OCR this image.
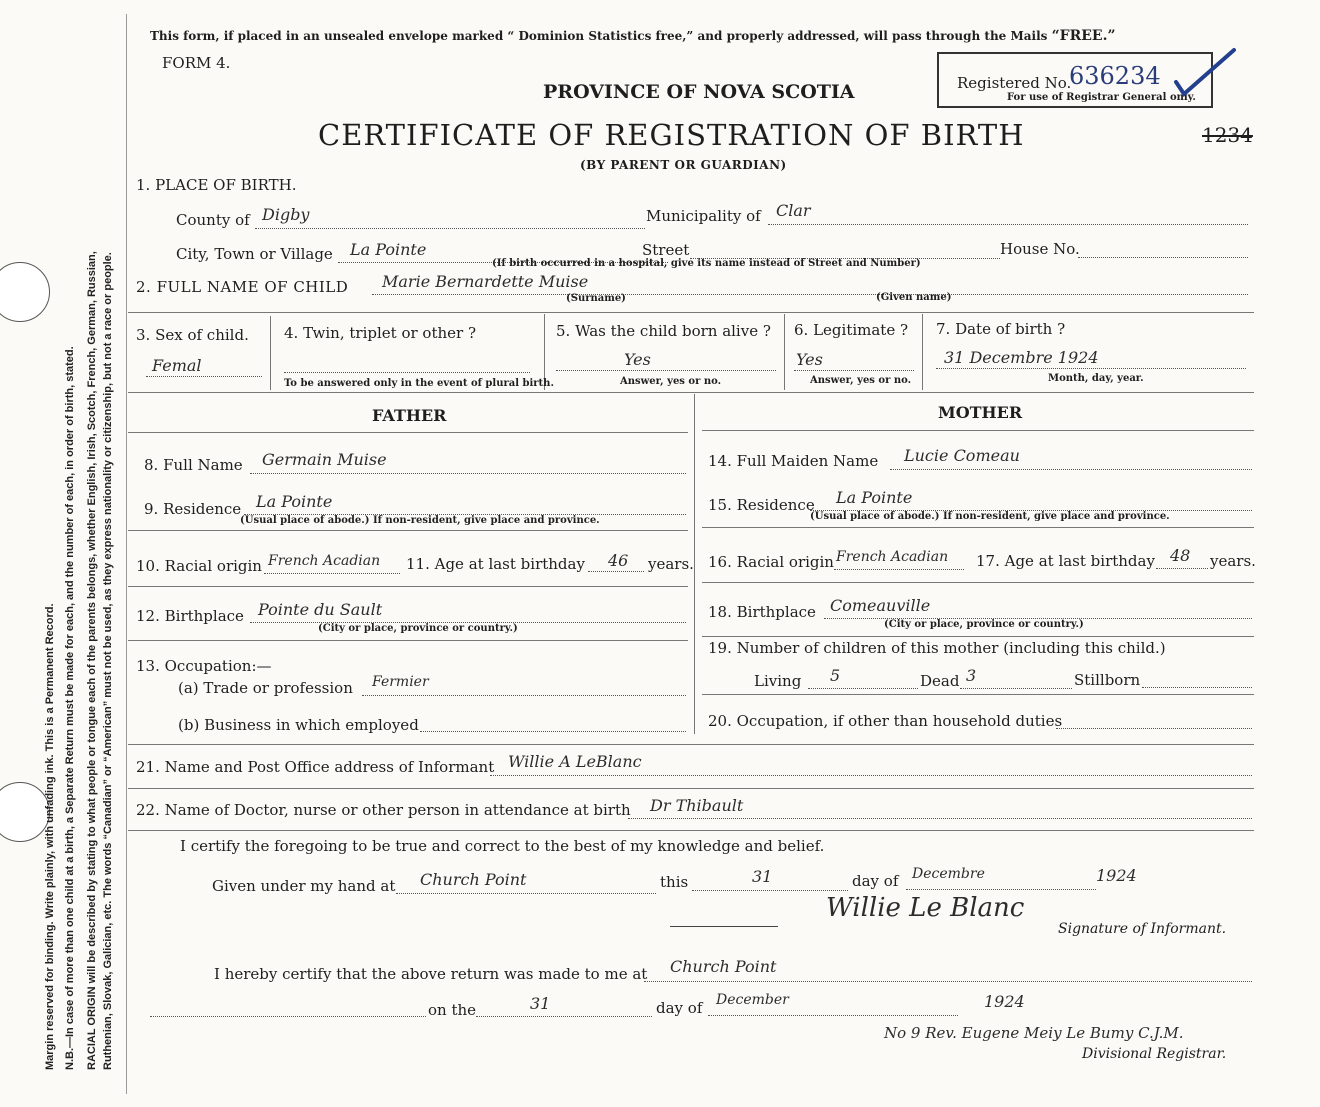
Margin reserved for binding. Write plainly, with unfading ink. This is a Permanent Record. N.B.—In case of more than one child at a birth, a Separate Return must be made for each, and the number of each, in order of birth, stated. RACIAL ORIGIN will be described by stating to what people or tongue each of the parents belongs, whether English, Irish, Scotch, French, German, Russian, Ruthenian, Slovak, Galician, etc. The words “Canadian” or “American” must not be used, as they express nationality or citizenship, but not a race or people.
This form, if placed in an unsealed envelope marked “ Dominion Statistics free,” and properly addressed, will pass through the Mails “FREE.”
FORM 4.
PROVINCE OF NOVA SCOTIA
CERTIFICATE OF REGISTRATION OF BIRTH
(BY PARENT OR GUARDIAN)
Registered No.
636234
For use of Registrar General only.
1234
1. PLACE OF BIRTH.
County of Digby	Municipality of Clar
City, Town or Village La Pointe	Street	House No.
(If birth occurred in a hospital, give its name instead of Street and Number)
2. FULL NAME OF CHILD Marie Bernardette Muise
(Surname)	(Given name)
3. Sex of child.
Femal
4. Twin, triplet or other ?
To be answered only in the event of plural birth.
5. Was the child born alive ?
Yes
Answer, yes or no.
6. Legitimate ?
Yes
Answer, yes or no.
7. Date of birth ?
31 Decembre 1924
Month, day, year.
FATHER	MOTHER
8. Full Name Germain Muise
9. Residence La Pointe
(Usual place of abode.) If non-resident, give place and province.
10. Racial origin French Acadian 11. Age at last birthday 46 years.
12. Birthplace Pointe du Sault
(City or place, province or country.)
13. Occupation:—
(a) Trade or profession Fermier
(b) Business in which employed
14. Full Maiden Name Lucie Comeau
15. Residence La Pointe
(Usual place of abode.) If non-resident, give place and province.
16. Racial origin French Acadian 17. Age at last birthday 48 years.
18. Birthplace Comeauville
(City or place, province or country.)
19. Number of children of this mother (including this child.)
Living 5	Dead 3	Stillborn
20. Occupation, if other than household duties
21. Name and Post Office address of Informant Willie A LeBlanc
22. Name of Doctor, nurse or other person in attendance at birth Dr Thibault
I certify the foregoing to be true and correct to the best of my knowledge and belief.
Given under my hand at Church Point	this	31	day of Decembre	1924
Willie Le Blanc
Signature of Informant.
I hereby certify that the above return was made to me at Church Point
on the	31	day of December	1924
No 9 Rev. Eugene Meiy Le Bumy C.J.M.
Divisional Registrar.
